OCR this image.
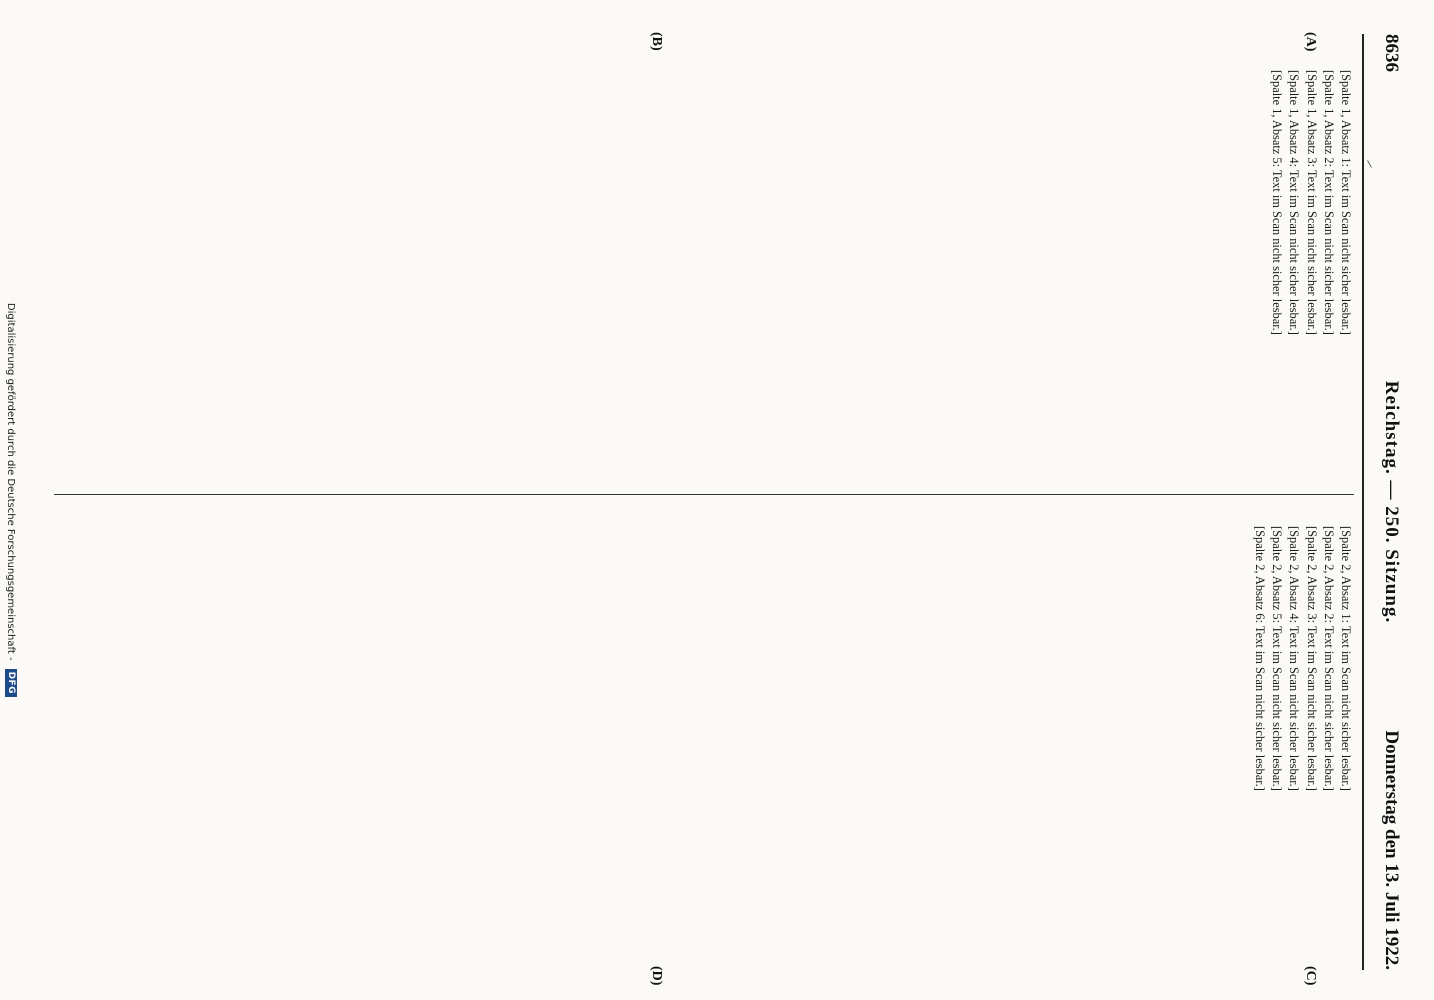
8636
Reichstag. — 250. Sitzung.
Donnerstag den 13. Juli 1922.
(A)
(B)
(C)
(D)

[Spalte 1, Absatz 1: Text im Scan nicht sicher lesbar.]

[Spalte 1, Absatz 2: Text im Scan nicht sicher lesbar.]

[Spalte 1, Absatz 3: Text im Scan nicht sicher lesbar.]

[Spalte 1, Absatz 4: Text im Scan nicht sicher lesbar.]

[Spalte 1, Absatz 5: Text im Scan nicht sicher lesbar.]

[Spalte 2, Absatz 1: Text im Scan nicht sicher lesbar.]

[Spalte 2, Absatz 2: Text im Scan nicht sicher lesbar.]

[Spalte 2, Absatz 3: Text im Scan nicht sicher lesbar.]

[Spalte 2, Absatz 4: Text im Scan nicht sicher lesbar.]

[Spalte 2, Absatz 5: Text im Scan nicht sicher lesbar.]

[Spalte 2, Absatz 6: Text im Scan nicht sicher lesbar.]

Digitalisierung gefördert durch die Deutsche Forschungsgemeinschaft -
DFG
